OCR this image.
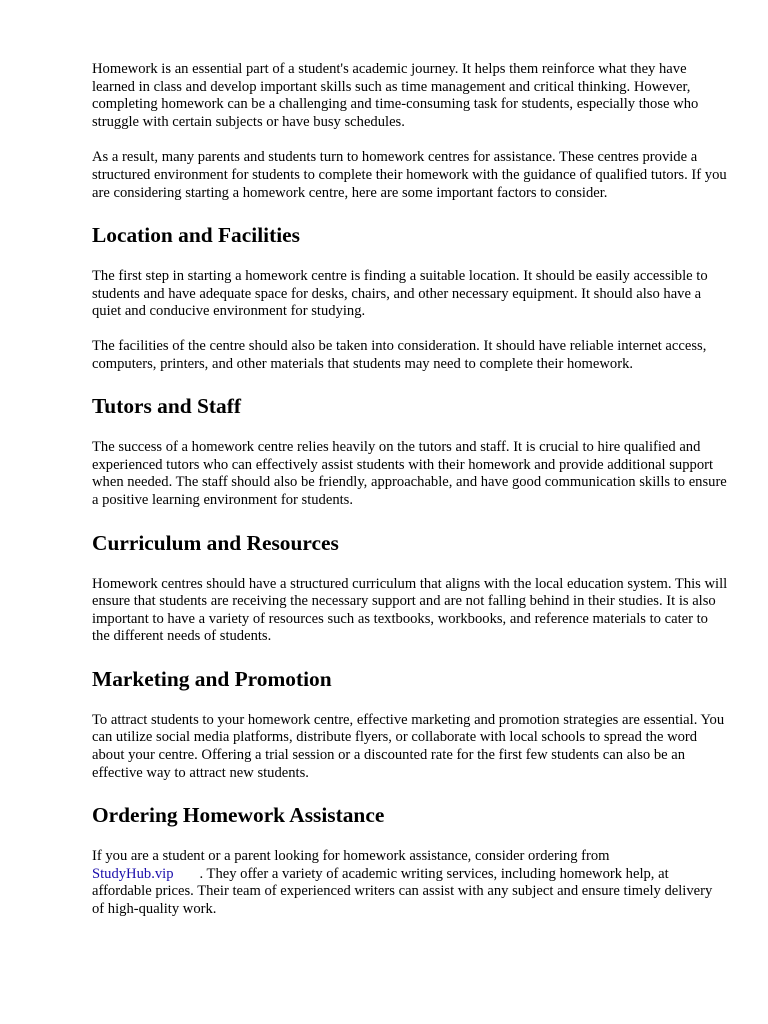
Homework is an essential part of a student's academic journey. It helps them reinforce what they have learned in class and develop important skills such as time management and critical thinking. However, completing homework can be a challenging and time-consuming task for students, especially those who struggle with certain subjects or have busy schedules.

As a result, many parents and students turn to homework centres for assistance. These centres provide a structured environment for students to complete their homework with the guidance of qualified tutors. If you are considering starting a homework centre, here are some important factors to consider.

Location and Facilities

The first step in starting a homework centre is finding a suitable location. It should be easily accessible to students and have adequate space for desks, chairs, and other necessary equipment. It should also have a quiet and conducive environment for studying.

The facilities of the centre should also be taken into consideration. It should have reliable internet access, computers, printers, and other materials that students may need to complete their homework.

Tutors and Staff

The success of a homework centre relies heavily on the tutors and staff. It is crucial to hire qualified and experienced tutors who can effectively assist students with their homework and provide additional support when needed. The staff should also be friendly, approachable, and have good communication skills to ensure a positive learning environment for students.

Curriculum and Resources

Homework centres should have a structured curriculum that aligns with the local education system. This will ensure that students are receiving the necessary support and are not falling behind in their studies. It is also important to have a variety of resources such as textbooks, workbooks, and reference materials to cater to the different needs of students.

Marketing and Promotion

To attract students to your homework centre, effective marketing and promotion strategies are essential. You can utilize social media platforms, distribute flyers, or collaborate with local schools to spread the word about your centre. Offering a trial session or a discounted rate for the first few students can also be an effective way to attract new students.

Ordering Homework Assistance

If you are a student or a parent looking for homework assistance, consider ordering from
StudyHub.vip . They offer a variety of academic writing services, including homework help, at affordable prices. Their team of experienced writers can assist with any subject and ensure timely delivery of high-quality work.
